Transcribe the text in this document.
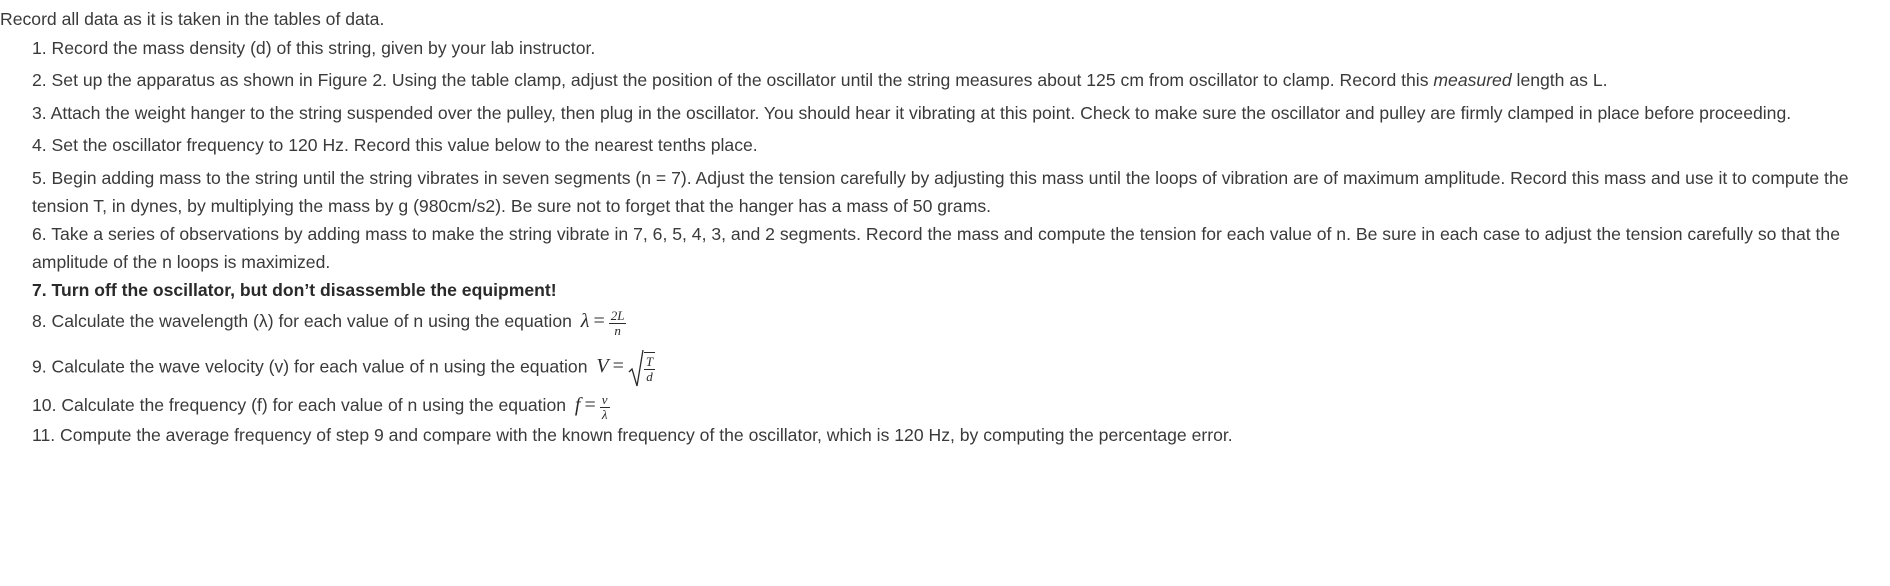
Record all data as it is taken in the tables of data.
1. Record the mass density (d) of this string, given by your lab instructor.
2. Set up the apparatus as shown in Figure 2. Using the table clamp, adjust the position of the oscillator until the string measures about 125 cm from oscillator to clamp. Record this measured length as L.
3. Attach the weight hanger to the string suspended over the pulley, then plug in the oscillator. You should hear it vibrating at this point. Check to make sure the oscillator and pulley are firmly clamped in place before proceeding.
4. Set the oscillator frequency to 120 Hz. Record this value below to the nearest tenths place.
5. Begin adding mass to the string until the string vibrates in seven segments (n = 7). Adjust the tension carefully by adjusting this mass until the loops of vibration are of maximum amplitude. Record this mass and use it to compute the tension T, in dynes, by multiplying the mass by g (980cm/s2). Be sure not to forget that the hanger has a mass of 50 grams.
6. Take a series of observations by adding mass to make the string vibrate in 7, 6, 5, 4, 3, and 2 segments. Record the mass and compute the tension for each value of n. Be sure in each case to adjust the tension carefully so that the amplitude of the n loops is maximized.
7. Turn off the oscillator, but don’t disassemble the equipment!
8. Calculate the wavelength (λ) for each value of n using the equation $\lambda = \frac{2L}{n}$
9. Calculate the wave velocity (v) for each value of n using the equation $V = \frac{T}{d}$
10. Calculate the frequency (f) for each value of n using the equation $f = \frac{v}{\lambda}$
11. Compute the average frequency of step 9 and compare with the known frequency of the oscillator, which is 120 Hz, by computing the percentage error.
